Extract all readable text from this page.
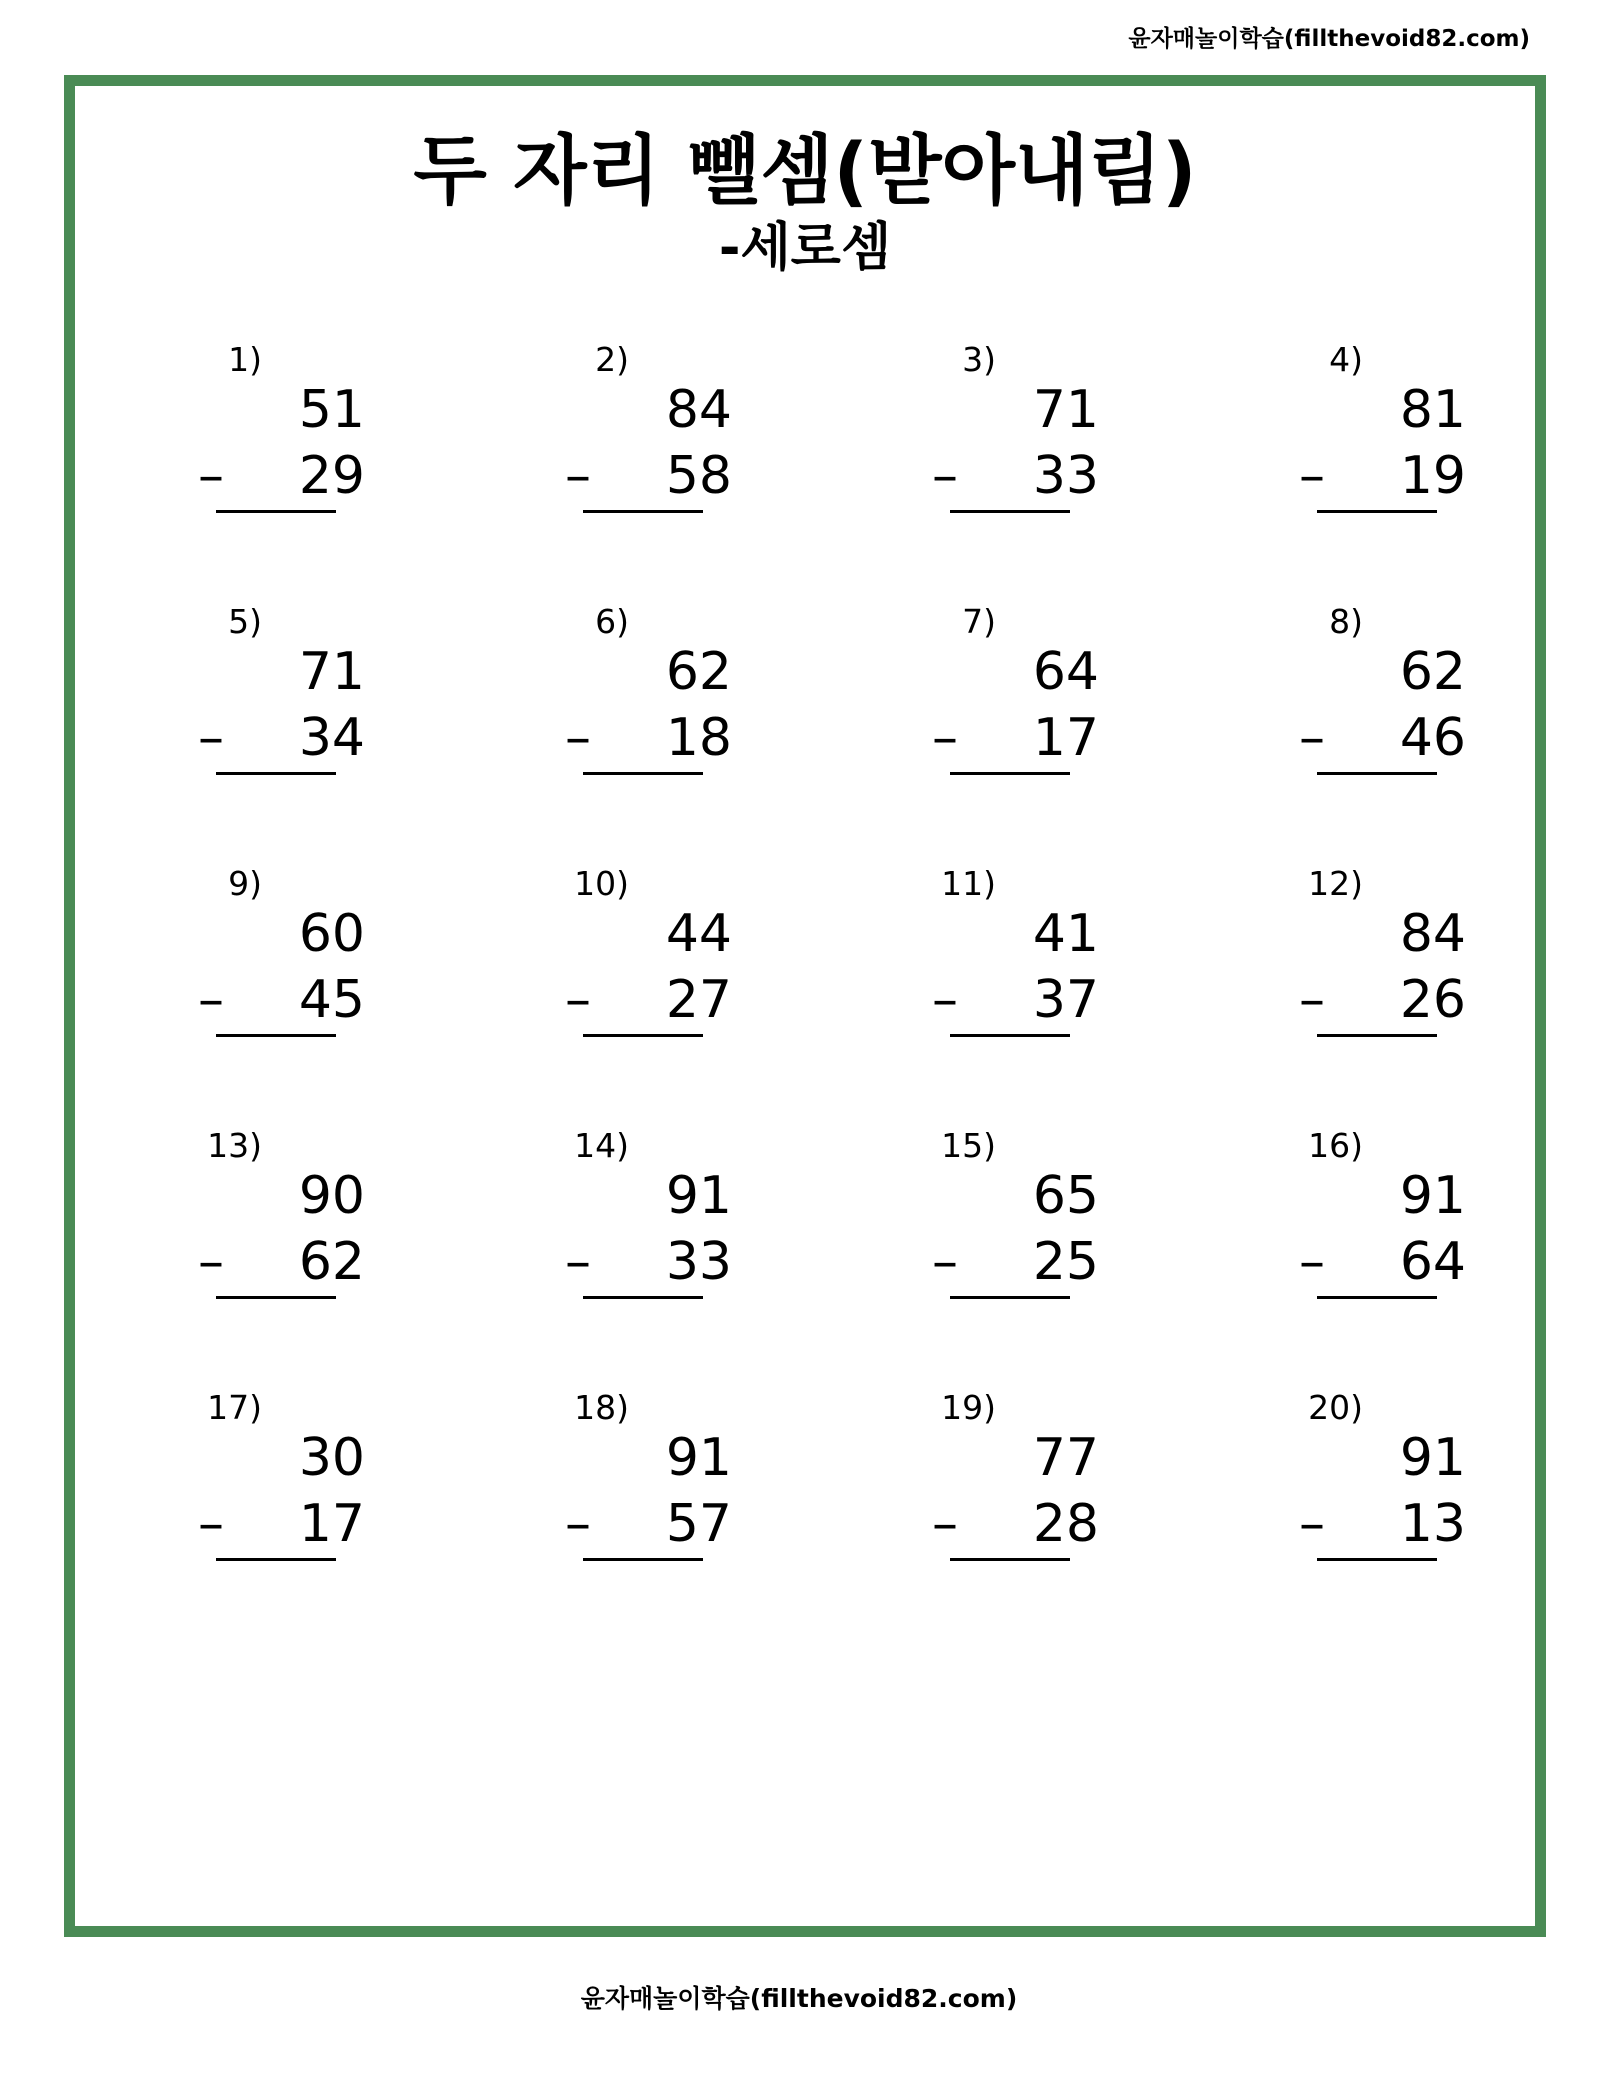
윤자매놀이학습(fillthevoid82.com)
두 자리 뺄셈(받아내림)
-세로셈
1)
51
– 29
2)
84
– 58
3)
71
– 33
4)
81
– 19
5)
71
– 34
6)
62
– 18
7)
64
– 17
8)
62
– 46
9)
60
– 45
10)
44
– 27
11)
41
– 37
12)
84
– 26
13)
90
– 62
14)
91
– 33
15)
65
– 25
16)
91
– 64
17)
30
– 17
18)
91
– 57
19)
77
– 28
20)
91
– 13
윤자매놀이학습(fillthevoid82.com)
